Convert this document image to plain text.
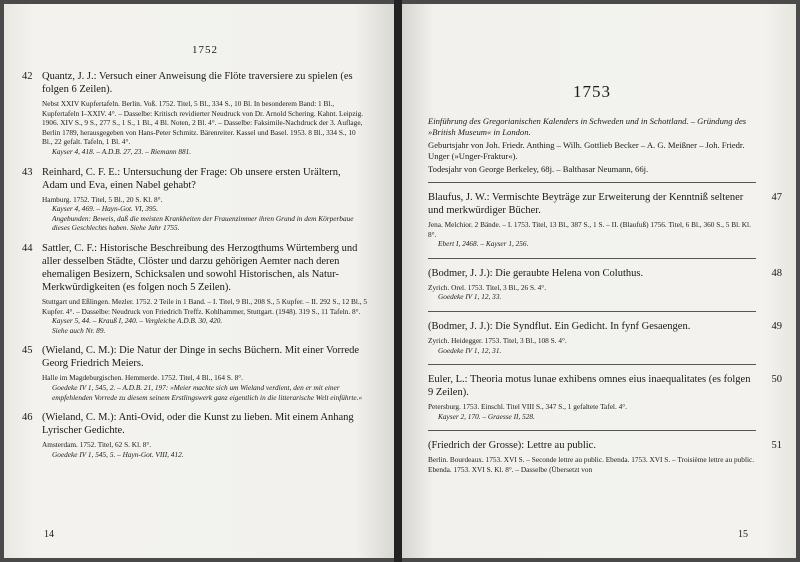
1752
42 Quantz, J. J.: Versuch einer Anweisung die Flöte traversiere zu spielen (es folgen 6 Zeilen).
Nebst XXIV Kupfertafeln. Berlin. Voß. 1752. Titel, 5 Bl., 334 S., 10 Bl. In besonderem Band: 1 Bl., Kupfertafeln I–XXIV. 4°. – Dasselbe: Kritisch revidierter Neudruck von Dr. Arnold Schering. Kahnt. Leipzig. 1906. XIV S., 9 S., 277 S., 1 S., 1 Bl., 4 Bl. Noten, 2 Bl. 4°. – Dasselbe: Faksimile-Nachdruck der 3. Auflage, Berlin 1789, herausgegeben von Hans-Peter Schmitz. Bärenreiter. Kassel und Basel. 1953. 8 Bl., 334 S., 10 Bl., 22 gefalt. Tafeln, 1 Bl. 4°.
Kayser 4, 418. – A.D.B. 27, 23. – Riemann 881.
43 Reinhard, C. F. E.: Untersuchung der Frage: Ob unsere ersten Urältern, Adam und Eva, einen Nabel gehabt?
Hamburg. 1752. Titel, 5 Bl., 20 S. Kl. 8°.
Kayser 4, 469. – Hayn-Got. VI, 395.
Angebunden: Beweis, daß die meisten Krankheiten der Frauenzimmer ihren Grund in dem Körperbaue dieses Geschlechts haben. Siehe Jahr 1755.
44 Sattler, C. F.: Historische Beschreibung des Herzogthums Würtemberg und aller desselben Städte, Clöster und darzu gehörigen Aemter nach deren ehemaligen Besizern, Schicksalen und sowohl Historischen, als Natur-Merkwürdigkeiten (es folgen noch 5 Zeilen).
Stuttgart und Eßlingen. Mezler. 1752. 2 Teile in 1 Band. – I. Titel, 9 Bl., 208 S., 5 Kupfer. – II. 292 S., 12 Bl., 5 Kupfer. 4°. – Dasselbe: Neudruck von Friedrich Treffz. Kohlhammer, Stuttgart. (1948). 319 S., 11 Tafeln. 8°.
Kayser 5, 44. – Krauß I, 240. – Vergleiche A.D.B. 30, 420.
Siehe auch Nr. 89.
45 (Wieland, C. M.): Die Natur der Dinge in sechs Büchern. Mit einer Vorrede Georg Friedrich Meiers.
Halle im Magdeburgischen. Hemmerde. 1752. Titel, 4 Bl., 164 S. 8°.
Goedeke IV 1, 545, 2. – A.D.B. 21, 197: »Meier machte sich um Wieland verdient, den er mit einer empfehlenden Vorrede zu diesem seinem Erstlingswerk ganz eigentlich in die litterarische Welt einführte.«
46 (Wieland, C. M.): Anti-Ovid, oder die Kunst zu lieben. Mit einem Anhang Lyrischer Gedichte.
Amsterdam. 1752. Titel, 62 S. Kl. 8°.
Goedeke IV 1, 545, 5. – Hayn-Got. VIII, 412.
14
1753
Einführung des Gregorianischen Kalenders in Schweden und in Schottland. – Gründung des »British Museum« in London.
Geburtsjahr von Joh. Friedr. Anthing – Wilh. Gottlieb Becker – A. G. Meißner – Joh. Friedr. Unger (»Unger-Fraktur«).
Todesjahr von George Berkeley, 68j. – Balthasar Neumann, 66j.
47
Blaufus, J. W.: Vermischte Beyträge zur Erweiterung der Kenntniß seltener und merkwürdiger Bücher.
Jena. Melchior. 2 Bände. – I. 1753. Titel, 13 Bl., 387 S., 1 S. – II. (Blaufuß) 1756. Titel, 6 Bl., 360 S., 5 Bl. Kl. 8°.
Ebert I, 2468. – Kayser 1, 256.
48
(Bodmer, J. J.): Die geraubte Helena von Coluthus.
Zyrich. Orel. 1753. Titel, 3 Bl., 26 S. 4°.
Goedeke IV 1, 12, 33.
49
(Bodmer, J. J.): Die Syndflut. Ein Gedicht. In fynf Gesaengen.
Zyrich. Heidegger. 1753. Titel, 3 Bl., 108 S. 4°.
Goedeke IV 1, 12, 31.
50
Euler, L.: Theoria motus lunae exhibens omnes eius inaequalitates (es folgen 9 Zeilen).
Petersburg. 1753. Einschl. Titel VIII S., 347 S., 1 gefaltete Tafel. 4°.
Kayser 2, 170. – Graesse II, 528.
51
(Friedrich der Grosse): Lettre au public.
Berlin. Bourdeaux. 1753. XVI S. – Seconde lettre au public. Ebenda. 1753. XVI S. – Troisième lettre au public. Ebenda. 1753. XVI S. Kl. 8°. – Dasselbe (Übersetzt von
15
